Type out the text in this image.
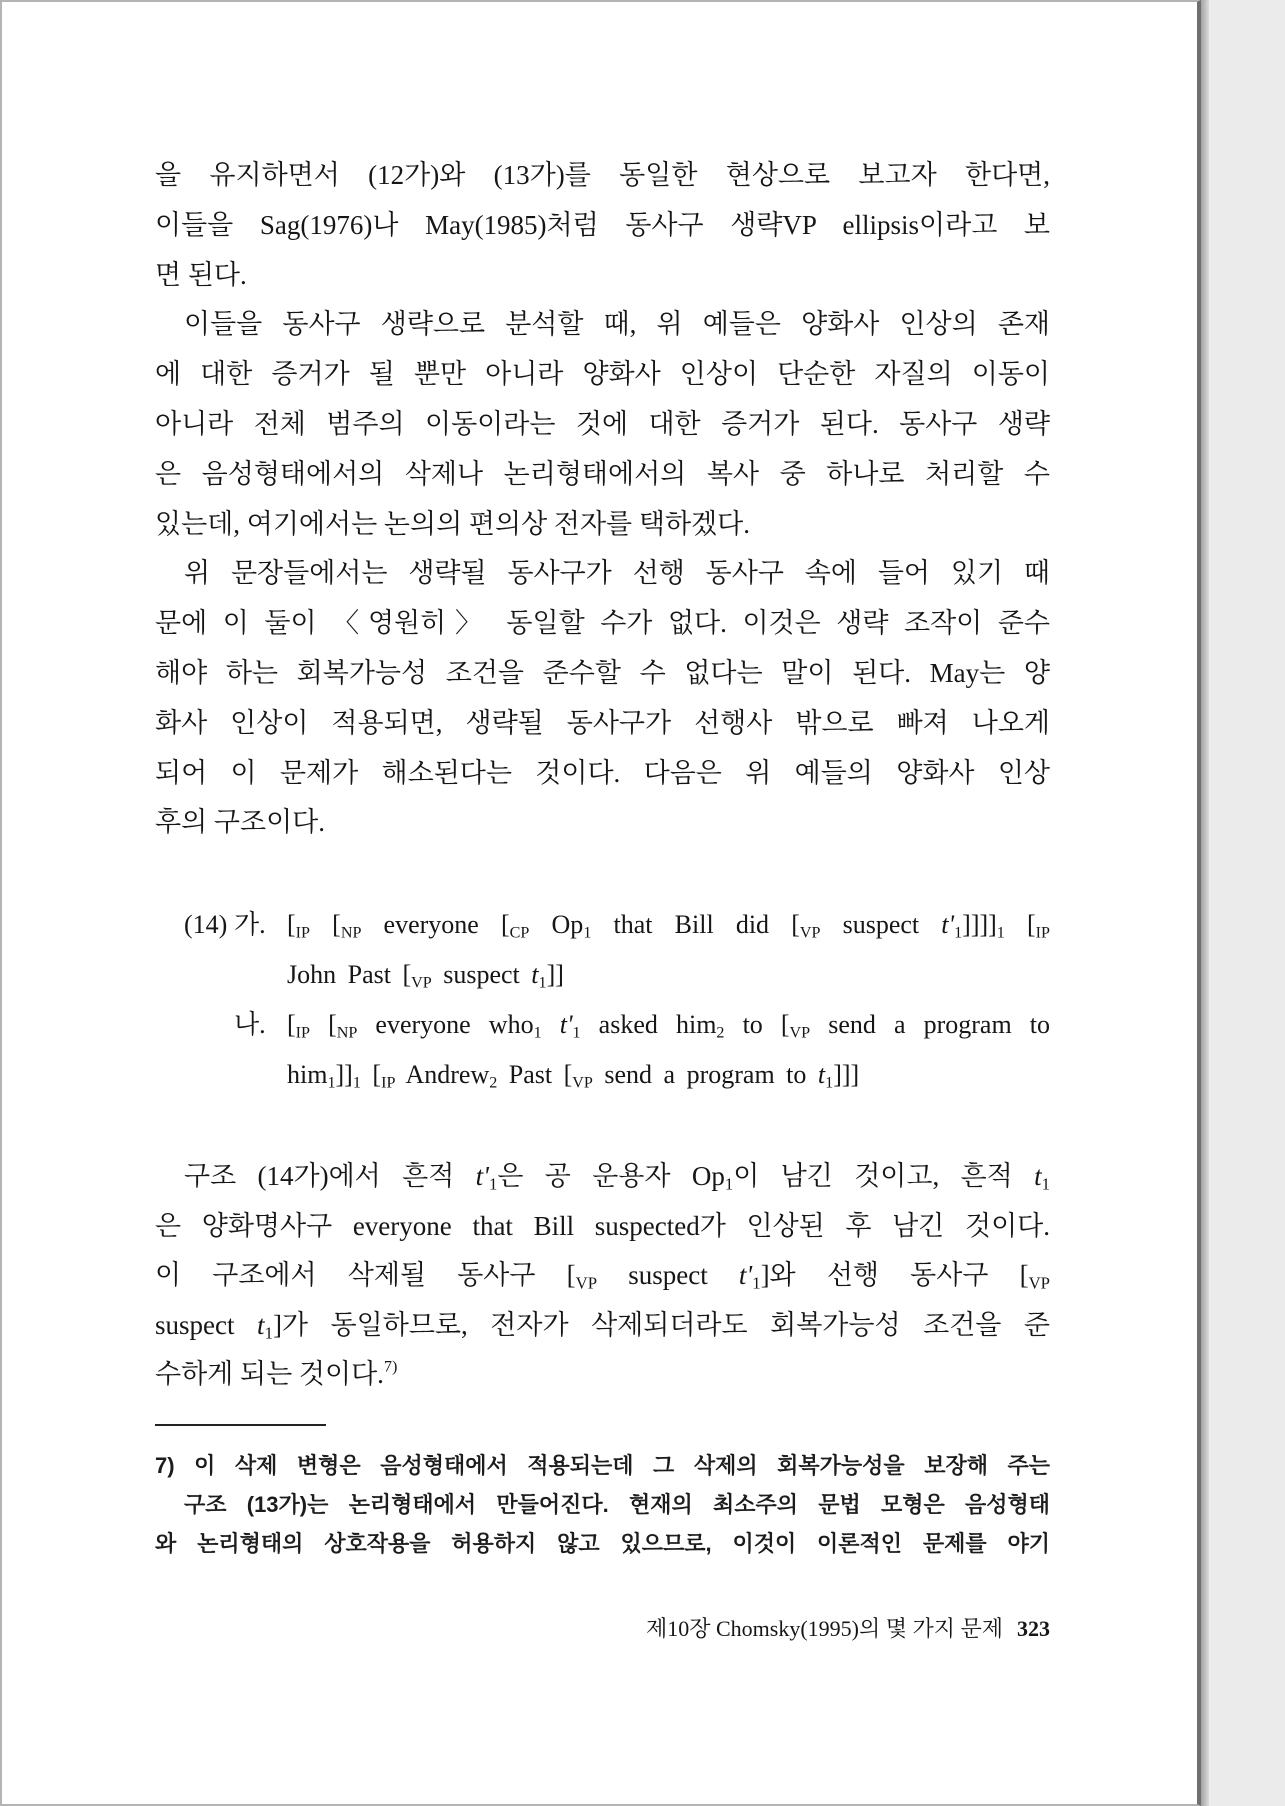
을 유지하면서 (12가)와 (13가)를 동일한 현상으로 보고자 한다면,
이들을 Sag(1976)나 May(1985)처럼 동사구 생략VP ellipsis이라고 보
면 된다.
이들을 동사구 생략으로 분석할 때, 위 예들은 양화사 인상의 존재
에 대한 증거가 될 뿐만 아니라 양화사 인상이 단순한 자질의 이동이
아니라 전체 범주의 이동이라는 것에 대한 증거가 된다. 동사구 생략
은 음성형태에서의 삭제나 논리형태에서의 복사 중 하나로 처리할 수
있는데, 여기에서는 논의의 편의상 전자를 택하겠다.
위 문장들에서는 생략될 동사구가 선행 동사구 속에 들어 있기 때
문에 이 둘이 〈영원히〉 동일할 수가 없다. 이것은 생략 조작이 준수
해야 하는 회복가능성 조건을 준수할 수 없다는 말이 된다. May는 양
화사 인상이 적용되면, 생략될 동사구가 선행사 밖으로 빠져 나오게
되어 이 문제가 해소된다는 것이다. 다음은 위 예들의 양화사 인상
후의 구조이다.
(14) 가.
나.
[$_{IP}$ [$_{NP}$ everyone [$_{CP}$ $Op_1$ that Bill did [$_{VP}$ suspect $t'_1]]]]_1$ [$_{IP}$
John Past [$_{VP}$ suspect $t_1$]]
[$_{IP}$ [$_{NP}$ everyone who$_1$ $t'_1$ asked him$_2$ to [$_{VP}$ send a program to
$him_1]]_1$ [$_{IP}$ Andrew$_2$ Past [$_{VP}$ send a program to $t_1$]]]
구조 (14가)에서 흔적 $t'_1$은 공 운용자 $Op_1$이 남긴 것이고, 흔적 $t_1$
은 양화명사구 everyone that Bill suspected가 인상된 후 남긴 것이다.
이 구조에서 삭제될 동사구 [$_{VP}$ suspect $t'_1$]와 선행 동사구 [$_{VP}$
suspect $t_1$]가 동일하므로, 전자가 삭제되더라도 회복가능성 조건을 준
수하게 되는 것이다.$^{7)}$
7) 이 삭제 변형은 음성형태에서 적용되는데 그 삭제의 회복가능성을 보장해 주는
구조 (13가)는 논리형태에서 만들어진다. 현재의 최소주의 문법 모형은 음성형태
와 논리형태의 상호작용을 허용하지 않고 있으므로, 이것이 이론적인 문제를 야기
제10장 Chomsky(1995)의 몇 가지 문제 323
